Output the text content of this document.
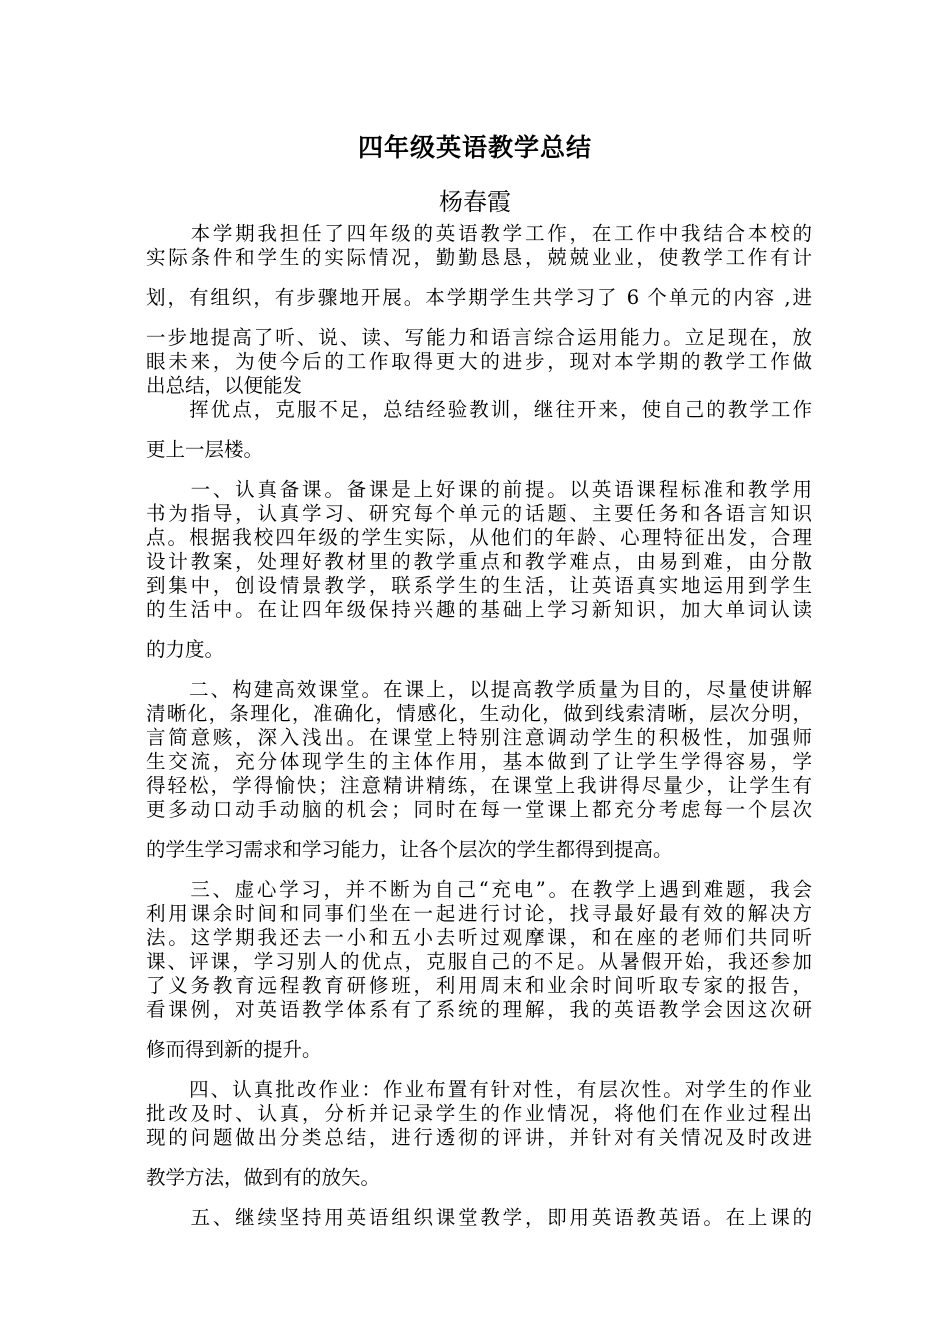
四年级英语教学总结
杨春霞
　　本学期我担任了四年级的英语教学工作，在工作中我结合本校的
实际条件和学生的实际情况，勤勤恳恳，兢兢业业，使教学工作有计
划，有组织，有步骤地开展。本学期学生共学习了 6 个单元的内容 ,进
一步地提高了听、说、读、写能力和语言综合运用能力。立足现在，放
眼未来，为使今后的工作取得更大的进步，现对本学期的教学工作做
出总结，以便能发
　　挥优点，克服不足，总结经验教训，继往开来，使自己的教学工作
更上一层楼。
　　一、认真备课。备课是上好课的前提。以英语课程标准和教学用
书为指导，认真学习、研究每个单元的话题、主要任务和各语言知识
点。根据我校四年级的学生实际，从他们的年龄、心理特征出发，合理
设计教案，处理好教材里的教学重点和教学难点，由易到难，由分散
到集中，创设情景教学，联系学生的生活，让英语真实地运用到学生
的生活中。在让四年级保持兴趣的基础上学习新知识，加大单词认读
的力度。
　　二、构建高效课堂。在课上，以提高教学质量为目的，尽量使讲解
清晰化，条理化，准确化，情感化，生动化，做到线索清晰，层次分明，
言简意赅，深入浅出。在课堂上特别注意调动学生的积极性，加强师
生交流，充分体现学生的主体作用，基本做到了让学生学得容易，学
得轻松，学得愉快；注意精讲精练，在课堂上我讲得尽量少，让学生有
更多动口动手动脑的机会；同时在每一堂课上都充分考虑每一个层次
的学生学习需求和学习能力，让各个层次的学生都得到提高。
　　三、虚心学习，并不断为自己“充电”。在教学上遇到难题，我会
利用课余时间和同事们坐在一起进行讨论，找寻最好最有效的解决方
法。这学期我还去一小和五小去听过观摩课，和在座的老师们共同听
课、评课，学习别人的优点，克服自己的不足。从暑假开始，我还参加
了义务教育远程教育研修班，利用周末和业余时间听取专家的报告，
看课例，对英语教学体系有了系统的理解，我的英语教学会因这次研
修而得到新的提升。
　　四、认真批改作业：作业布置有针对性，有层次性。对学生的作业
批改及时、认真，分析并记录学生的作业情况，将他们在作业过程出
现的问题做出分类总结，进行透彻的评讲，并针对有关情况及时改进
教学方法，做到有的放矢。
　　五、继续坚持用英语组织课堂教学，即用英语教英语。在上课的
